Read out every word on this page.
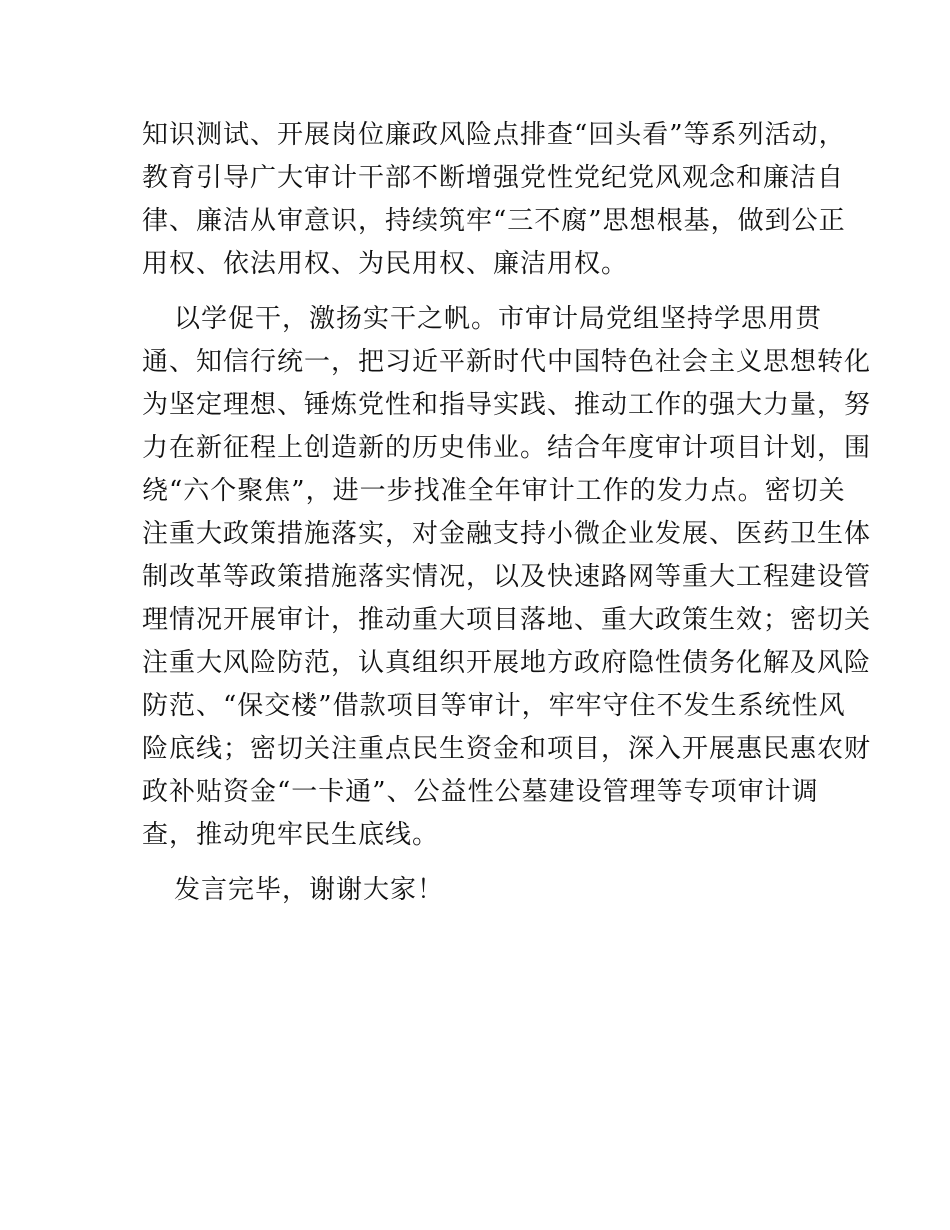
知识测试、开展岗位廉政风险点排查“回头看”等系列活动，
教育引导广大审计干部不断增强党性党纪党风观念和廉洁自
律、廉洁从审意识，持续筑牢“三不腐”思想根基，做到公正
用权、依法用权、为民用权、廉洁用权。
以学促干，激扬实干之帆。市审计局党组坚持学思用贯
通、知信行统一，把习近平新时代中国特色社会主义思想转化
为坚定理想、锤炼党性和指导实践、推动工作的强大力量，努
力在新征程上创造新的历史伟业。结合年度审计项目计划，围
绕“六个聚焦”，进一步找准全年审计工作的发力点。密切关
注重大政策措施落实，对金融支持小微企业发展、医药卫生体
制改革等政策措施落实情况，以及快速路网等重大工程建设管
理情况开展审计，推动重大项目落地、重大政策生效；密切关
注重大风险防范，认真组织开展地方政府隐性债务化解及风险
防范、“保交楼”借款项目等审计，牢牢守住不发生系统性风
险底线；密切关注重点民生资金和项目，深入开展惠民惠农财
政补贴资金“一卡通”、公益性公墓建设管理等专项审计调
查，推动兜牢民生底线。
发言完毕，谢谢大家！
